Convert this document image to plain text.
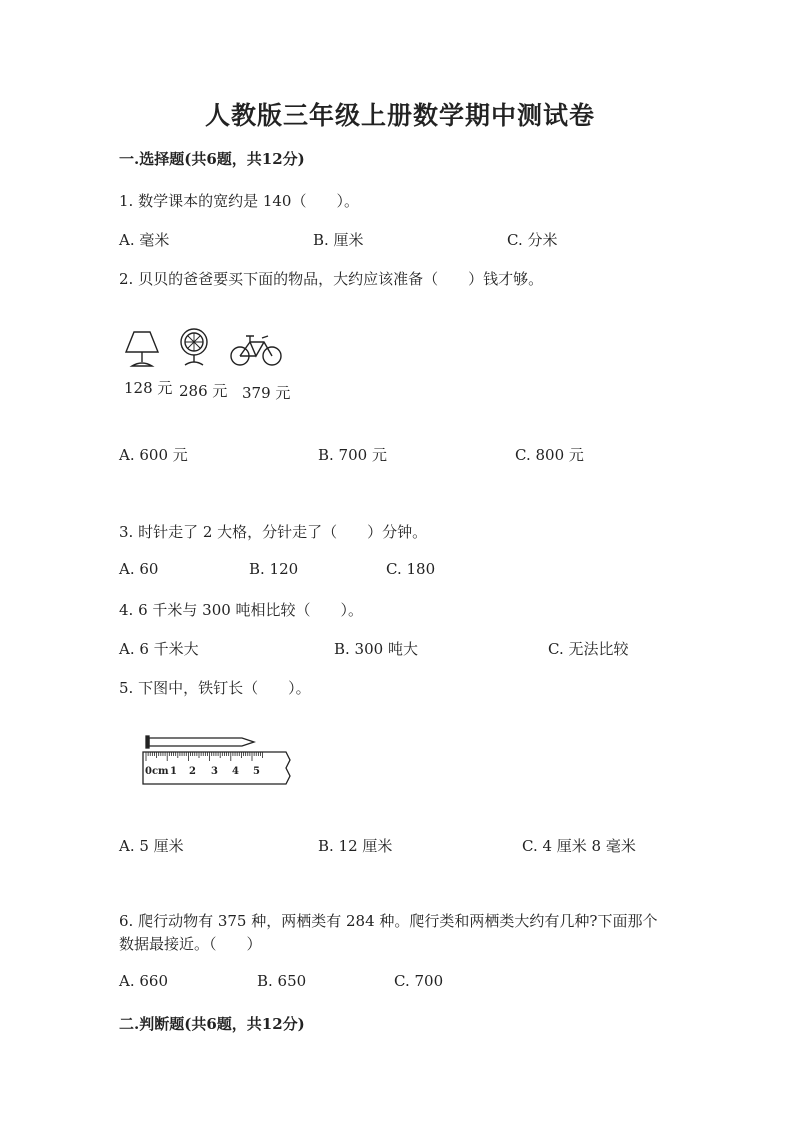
人教版三年级上册数学期中测试卷
一.选择题(共6题，共12分)
1. 数学课本的宽约是 140（　　）。
A. 毫米	B. 厘米	C. 分米
2. 贝贝的爸爸要买下面的物品，大约应该准备（　　）钱才够。
128 元 286 元 379 元
A. 600 元	B. 700 元	C. 800 元
3. 时针走了 2 大格，分针走了（　　）分钟。
A. 60	B. 120	C. 180
4. 6 千米与 300 吨相比较（　　）。
A. 6 千米大	B. 300 吨大	C. 无法比较
5. 下图中，铁钉长（　　）。
0cm 1 2 3 4 5
A. 5 厘米	B. 12 厘米	C. 4 厘米 8 毫米
6. 爬行动物有 375 种，两栖类有 284 种。爬行类和两栖类大约有几种?下面那个
数据最接近。（　　）
A. 660	B. 650	C. 700
二.判断题(共6题，共12分)
